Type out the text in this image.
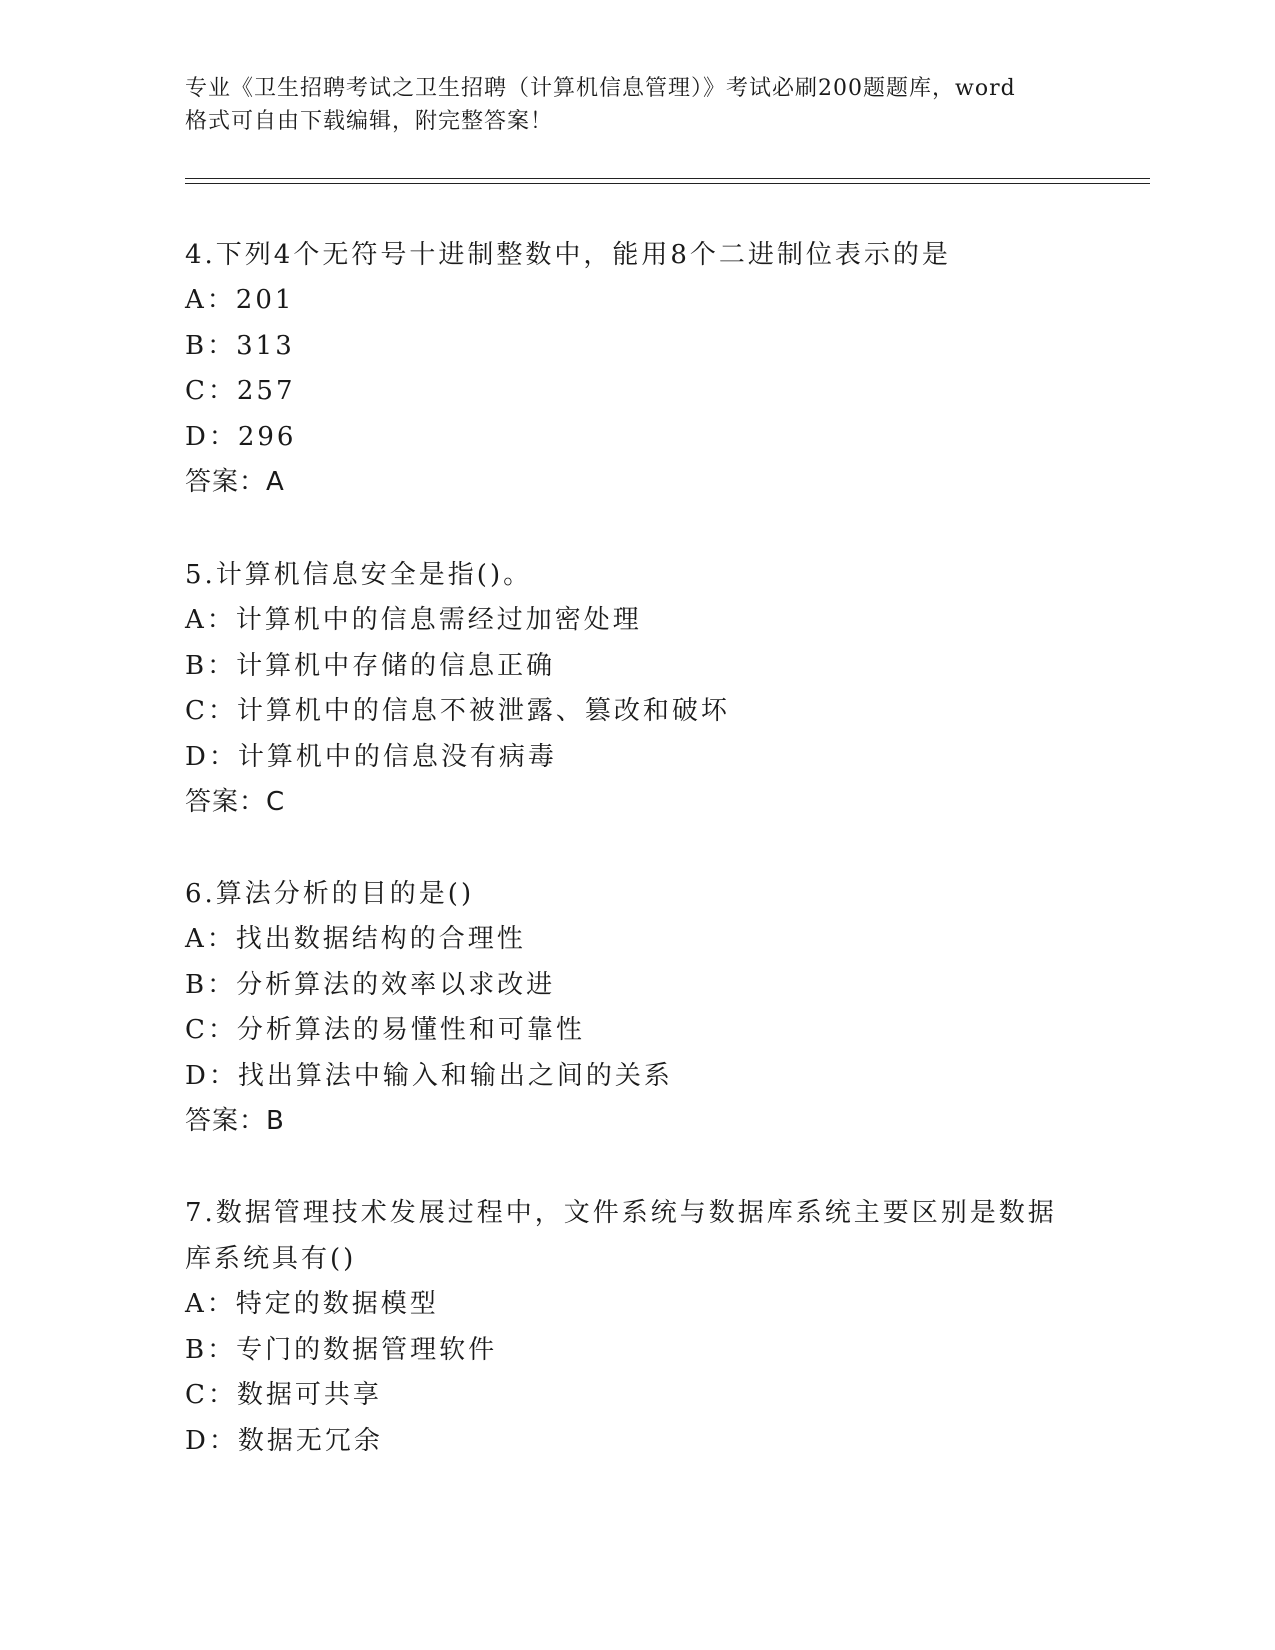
专业《卫生招聘考试之卫生招聘（计算机信息管理）》考试必刷200题题库，word
格式可自由下载编辑，附完整答案！

4.下列4个无符号十进制整数中，能用8个二进制位表示的是

A：201

B：313

C：257

D：296

答案：A

5.计算机信息安全是指()。

A：计算机中的信息需经过加密处理

B：计算机中存储的信息正确

C：计算机中的信息不被泄露、篡改和破坏

D：计算机中的信息没有病毒

答案：C

6.算法分析的目的是()

A：找出数据结构的合理性

B：分析算法的效率以求改进

C：分析算法的易懂性和可靠性

D：找出算法中输入和输出之间的关系

答案：B

7.数据管理技术发展过程中，文件系统与数据库系统主要区别是数据库系统具有()

A：特定的数据模型

B：专门的数据管理软件

C：数据可共享

D：数据无冗余
